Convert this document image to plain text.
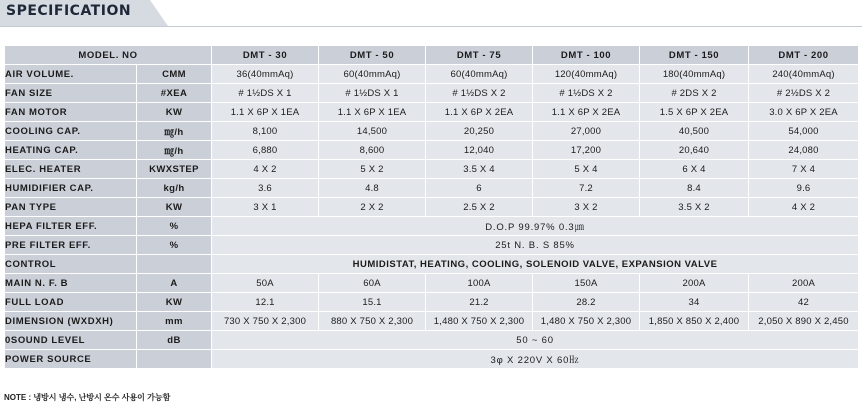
SPECIFICATION
MODEL. NO		DMT - 30	DMT - 50	DMT - 75	DMT - 100	DMT - 150	DMT - 200
AIR VOLUME.	CMM	36(40mmAq)	60(40mmAq)	60(40mmAq)	120(40mmAq)	180(40mmAq)	240(40mmAq)
FAN SIZE	#XEA	# 1½DS X 1	# 1½DS X 1	# 1½DS X 2	# 1½DS X 2	# 2DS X 2	# 2½DS X 2
FAN MOTOR	KW	1.1 X 6P X 1EA	1.1 X 6P X 1EA	1.1 X 6P X 2EA	1.1 X 6P X 2EA	1.5 X 6P X 2EA	3.0 X 6P X 2EA
COOLING CAP.	㎎/h	8,100	14,500	20,250	27,000	40,500	54,000
HEATING CAP.	㎎/h	6,880	8,600	12,040	17,200	20,640	24,080
ELEC. HEATER	KWXSTEP	4 X 2	5 X 2	3.5 X 4	5 X 4	6 X 4	7 X 4
HUMIDIFIER CAP.	kg/h	3.6	4.8	6	7.2	8.4	9.6
PAN TYPE	KW	3 X 1	2 X 2	2.5 X 2	3 X 2	3.5 X 2	4 X 2
HEPA FILTER EFF.	%	D.O.P 99.97% 0.3㎛					
PRE FILTER EFF.	%	25t N. B. S 85%					
CONTROL		HUMIDISTAT, HEATING, COOLING, SOLENOID VALVE, EXPANSION VALVE					
MAIN N. F. B	A	50A	60A	100A	150A	200A	200A
FULL LOAD	KW	12.1	15.1	21.2	28.2	34	42
DIMENSION (WXDXH)	mm	730 X 750 X 2,300	880 X 750 X 2,300	1,480 X 750 X 2,300	1,480 X 750 X 2,300	1,850 X 850 X 2,400	2,050 X 890 X 2,450
0SOUND LEVEL	dB	50 ~ 60					
POWER SOURCE		3φ X 220V X 60㎐					
NOTE : 냉방시 냉수, 난방시 온수 사용이 가능함
